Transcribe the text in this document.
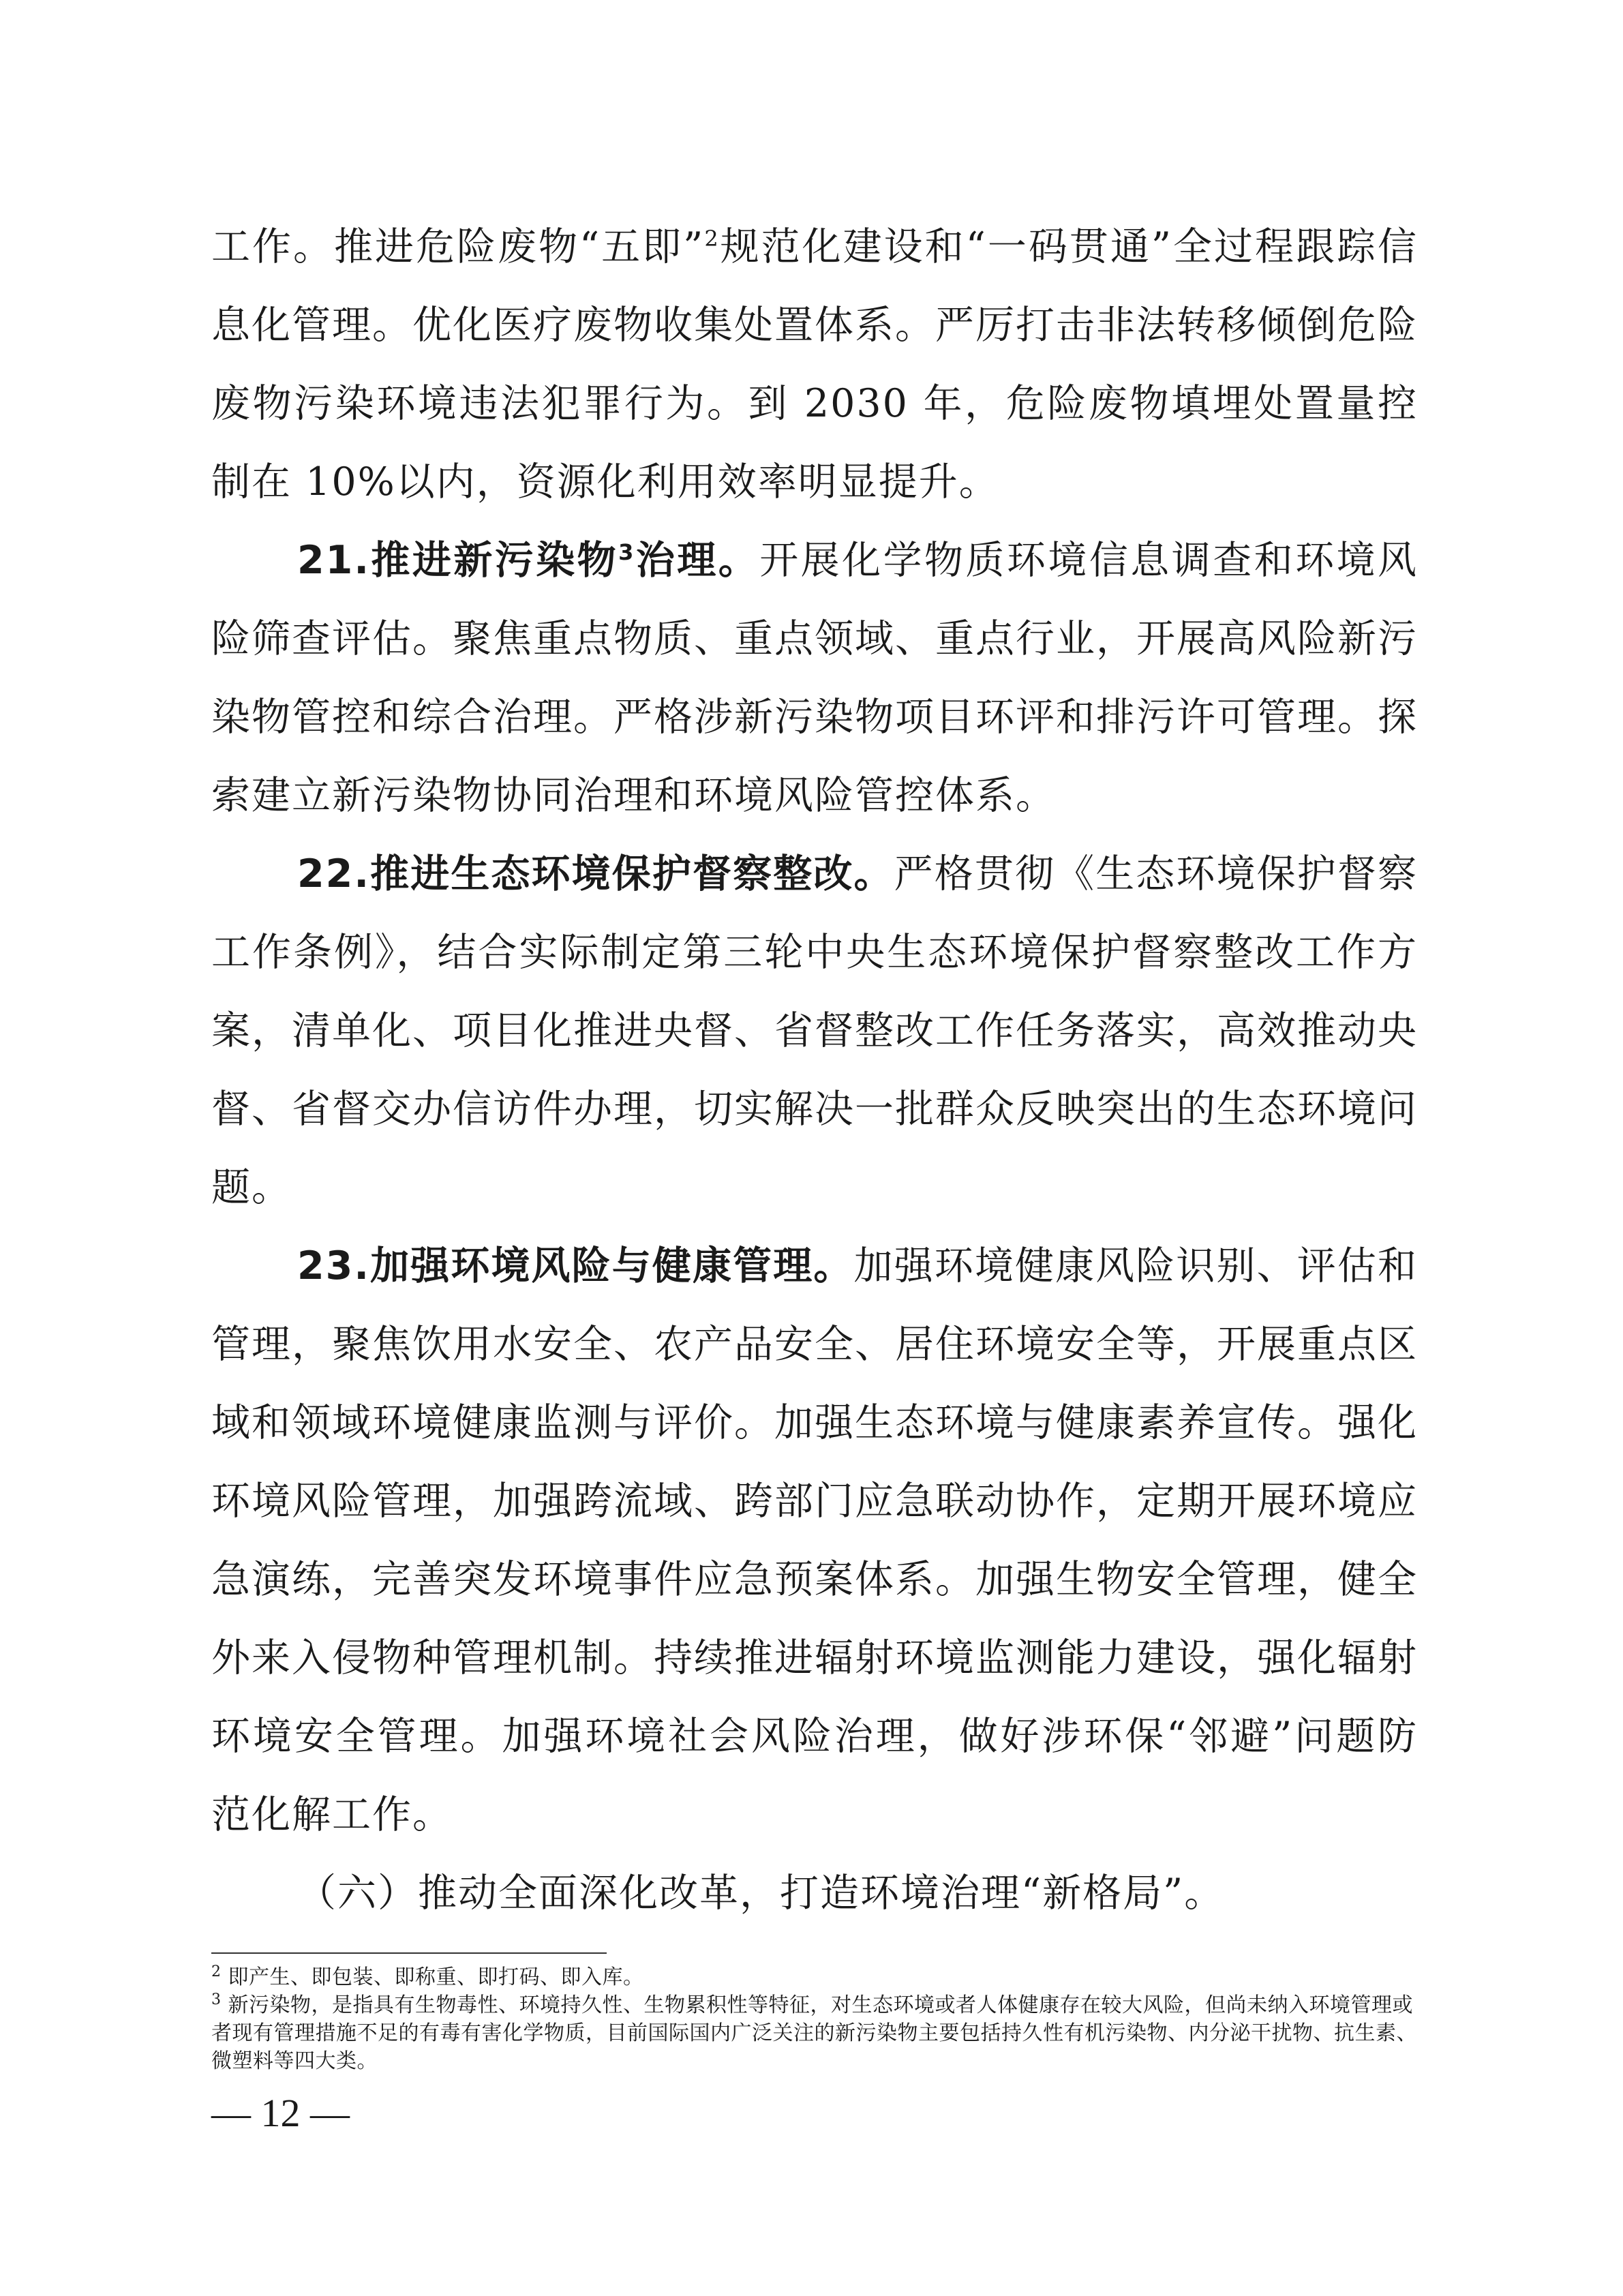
工作。推进危险废物“五即”$^2$规范化建设和“一码贯通”全过程跟踪信息化管理。优化医疗废物收集处置体系。严厉打击非法转移倾倒危险废物污染环境违法犯罪行为。到 2030 年，危险废物填埋处置量控制在 10%以内，资源化利用效率明显提升。

21.推进新污染物$^3$治理。开展化学物质环境信息调查和环境风险筛查评估。聚焦重点物质、重点领域、重点行业，开展高风险新污染物管控和综合治理。严格涉新污染物项目环评和排污许可管理。探索建立新污染物协同治理和环境风险管控体系。

22.推进生态环境保护督察整改。严格贯彻《生态环境保护督察工作条例》，结合实际制定第三轮中央生态环境保护督察整改工作方案，清单化、项目化推进央督、省督整改工作任务落实，高效推动央督、省督交办信访件办理，切实解决一批群众反映突出的生态环境问题。

23.加强环境风险与健康管理。加强环境健康风险识别、评估和管理，聚焦饮用水安全、农产品安全、居住环境安全等，开展重点区域和领域环境健康监测与评价。加强生态环境与健康素养宣传。强化环境风险管理，加强跨流域、跨部门应急联动协作，定期开展环境应急演练，完善突发环境事件应急预案体系。加强生物安全管理，健全外来入侵物种管理机制。持续推进辐射环境监测能力建设，强化辐射环境安全管理。加强环境社会风险治理，做好涉环保“邻避”问题防范化解工作。

（六）推动全面深化改革，打造环境治理“新格局”。

$^2$ 即产生、即包装、即称重、即打码、即入库。

$^3$ 新污染物，是指具有生物毒性、环境持久性、生物累积性等特征，对生态环境或者人体健康存在较大风险，但尚未纳入环境管理或者现有管理措施不足的有毒有害化学物质，目前国际国内广泛关注的新污染物主要包括持久性有机污染物、内分泌干扰物、抗生素、微塑料等四大类。

— 12 —
